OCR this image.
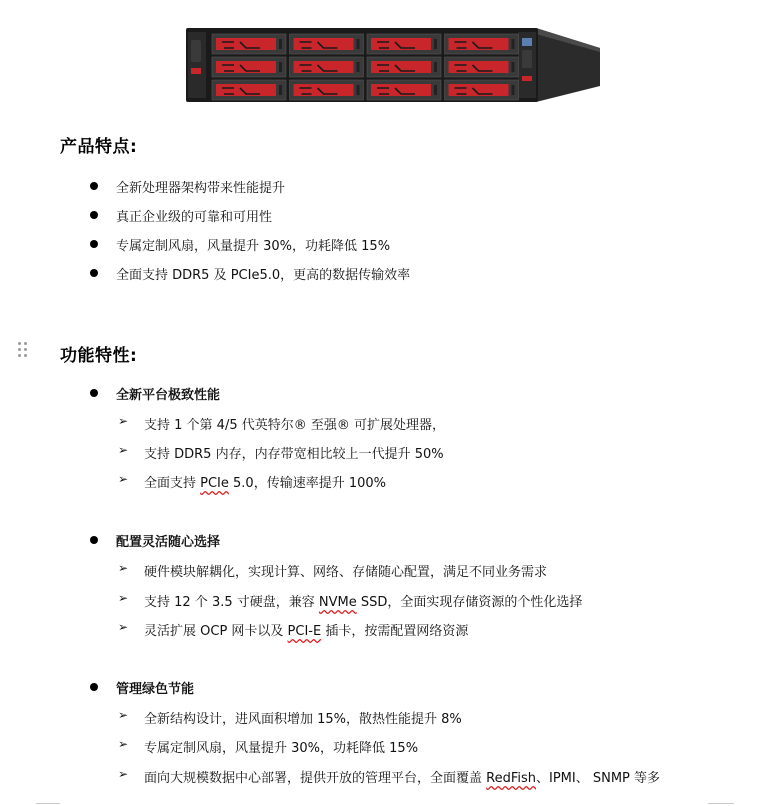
产品特点:
全新处理器架构带来性能提升
真正企业级的可靠和可用性
专属定制风扇，风量提升 30%，功耗降低 15%
全面支持 DDR5 及 PCIe5.0，更高的数据传输效率
功能特性:
全新平台极致性能
➢ 支持 1 个第 4/5 代英特尔® 至强® 可扩展处理器，
➢ 支持 DDR5 内存，内存带宽相比较上一代提升 50%
➢ 全面支持 PCIe 5.0，传输速率提升 100%
配置灵活随心选择
➢ 硬件模块解耦化，实现计算、网络、存储随心配置，满足不同业务需求
➢ 支持 12 个 3.5 寸硬盘，兼容 NVMe SSD，全面实现存储资源的个性化选择
➢ 灵活扩展 OCP 网卡以及 PCI-E 插卡，按需配置网络资源
管理绿色节能
➢ 全新结构设计，进风面积增加 15%，散热性能提升 8%
➢ 专属定制风扇，风量提升 30%，功耗降低 15%
➢ 面向大规模数据中心部署，提供开放的管理平台，全面覆盖 RedFish、IPMI、 SNMP 等多
